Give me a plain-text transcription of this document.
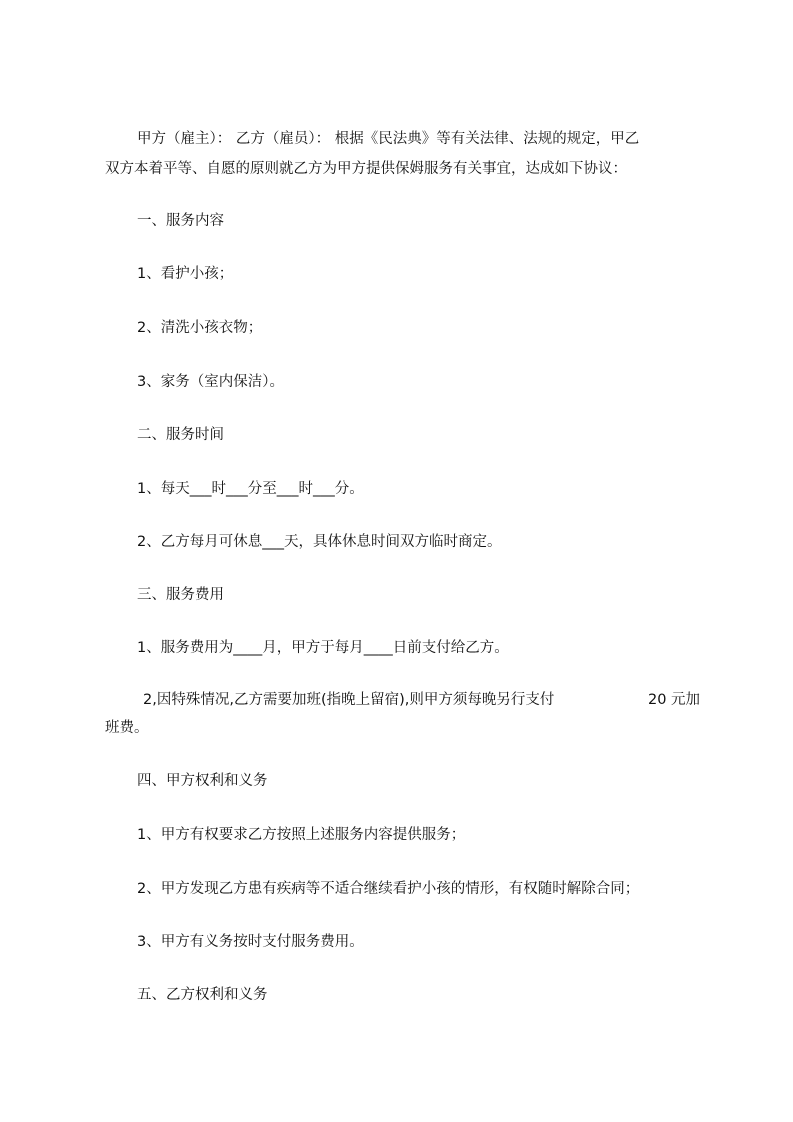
甲方（雇主）： 乙方（雇员）： 根据《民法典》等有关法律、法规的规定，甲乙

双方本着平等、自愿的原则就乙方为甲方提供保姆服务有关事宜，达成如下协议：

一、服务内容

1、看护小孩；

2、清洗小孩衣物；

3、家务（室内保洁）。

二、服务时间

1、每天___时___分至___时___分。

2、乙方每月可休息___天，具体休息时间双方临时商定。

三、服务费用

1、服务费用为____月，甲方于每月____日前支付给乙方。

2,因特殊情况,乙方需要加班(指晚上留宿),则甲方须每晚另行支付	20 元加

班费。

四、甲方权利和义务

1、甲方有权要求乙方按照上述服务内容提供服务；

2、甲方发现乙方患有疾病等不适合继续看护小孩的情形，有权随时解除合同；

3、甲方有义务按时支付服务费用。

五、乙方权利和义务
